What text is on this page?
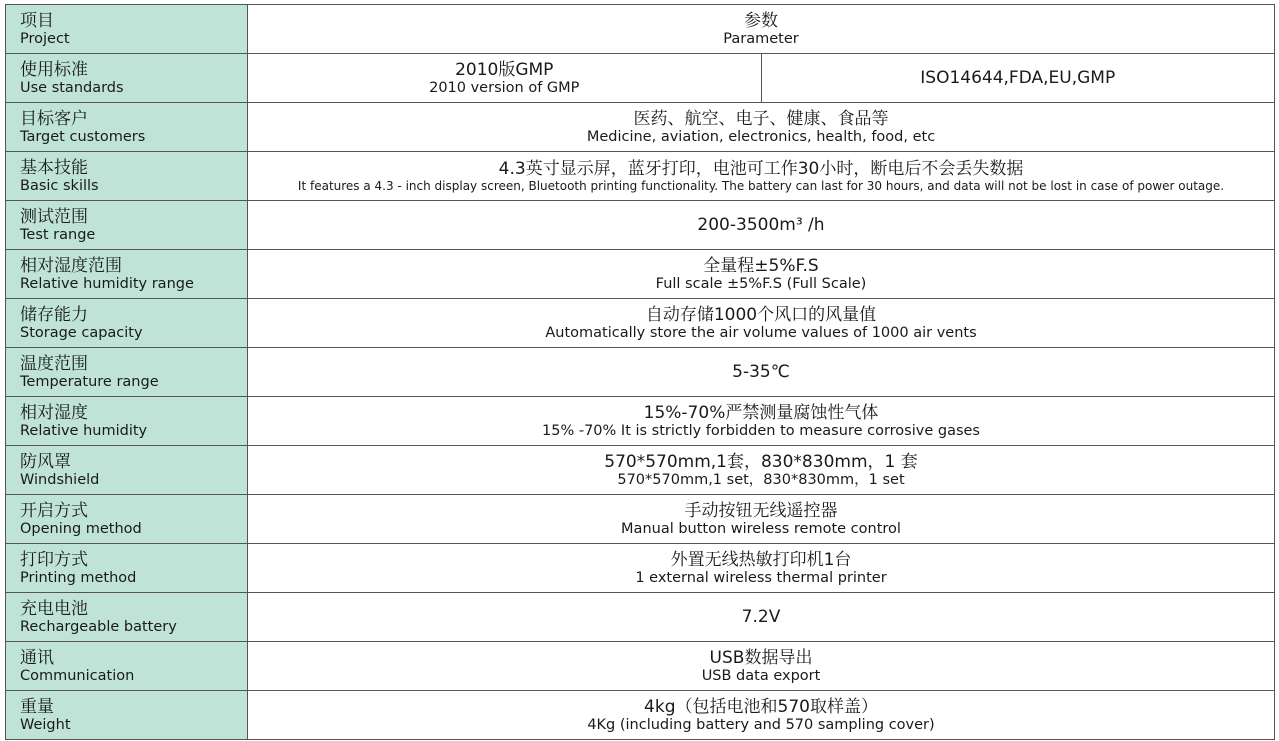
项目
Project	参数
Parameter	

使用标准
Use standards	2010版GMP
2010 version of GMP	ISO14644,FDA,EU,GMP

目标客户
Target customers	医药、航空、电子、健康、食品等
Medicine, aviation, electronics, health, food, etc	

基本技能
Basic skills	4.3英寸显示屏，蓝牙打印，电池可工作30小时，断电后不会丢失数据
It features a 4.3 - inch display screen, Bluetooth printing functionality. The battery can last for 30 hours, and data will not be lost in case of power outage.	

测试范围
Test range	200-3500m³ /h	

相对湿度范围
Relative humidity range	全量程±5%F.S
Full scale ±5%F.S (Full Scale)	

储存能力
Storage capacity	自动存储1000个风口的风量值
Automatically store the air volume values of 1000 air vents	

温度范围
Temperature range	5-35℃	

相对湿度
Relative humidity	15%-70%严禁测量腐蚀性气体
15% -70% It is strictly forbidden to measure corrosive gases	

防风罩
Windshield	570*570mm,1套，830*830mm，1 套
570*570mm,1 set，830*830mm，1 set	

开启方式
Opening method	手动按钮无线遥控器
Manual button wireless remote control	

打印方式
Printing method	外置无线热敏打印机1台
1 external wireless thermal printer	

充电电池
Rechargeable battery	7.2V	

通讯
Communication	USB数据导出
USB data export	

重量
Weight	4kg（包括电池和570取样盖）
4Kg (including battery and 570 sampling cover)	
